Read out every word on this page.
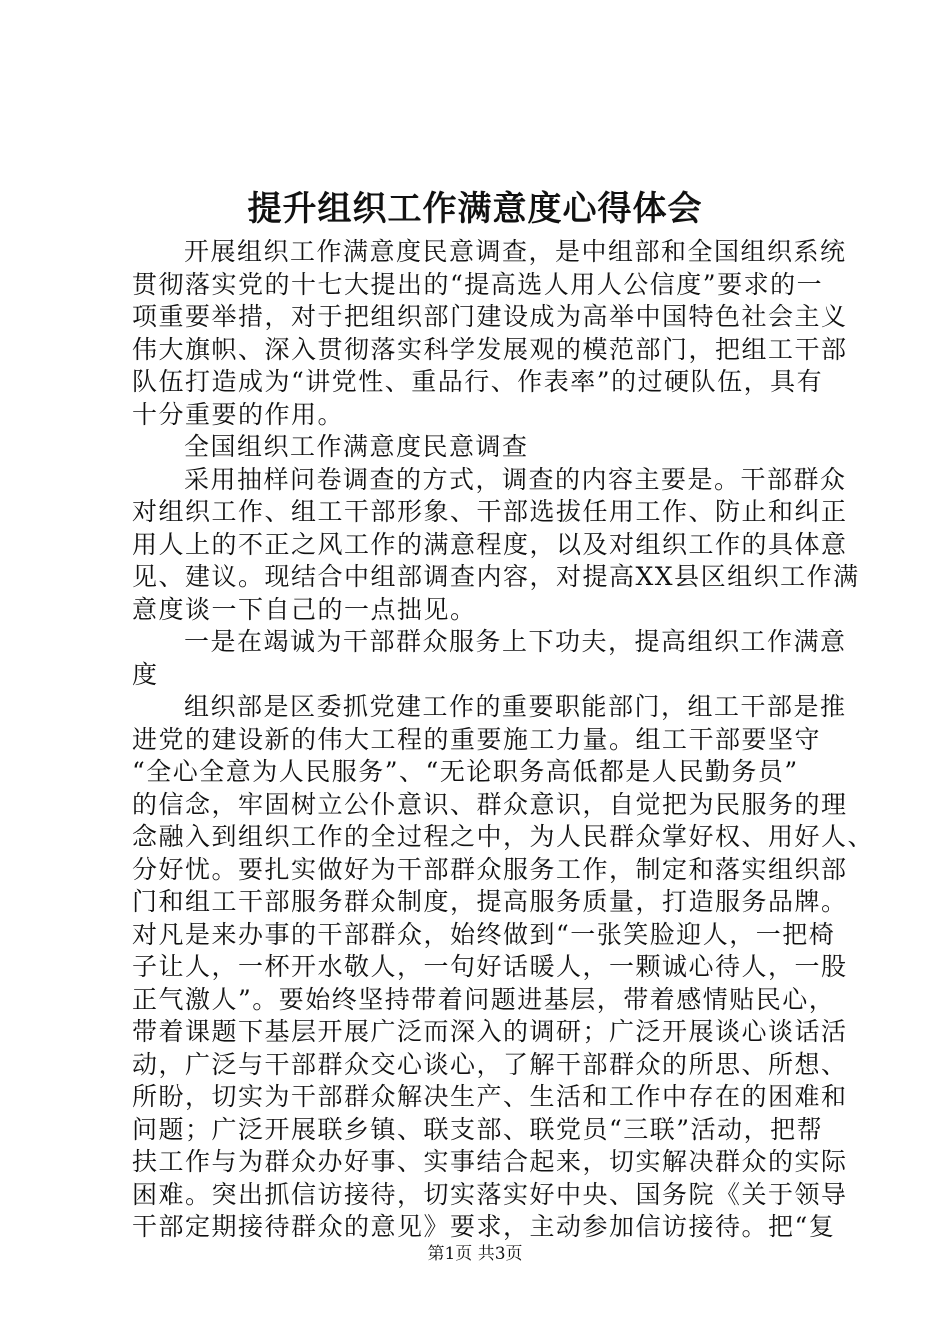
提升组织工作满意度心得体会
开展组织工作满意度民意调查，是中组部和全国组织系统
贯彻落实党的十七大提出的“提高选人用人公信度”要求的一
项重要举措，对于把组织部门建设成为高举中国特色社会主义
伟大旗帜、深入贯彻落实科学发展观的模范部门，把组工干部
队伍打造成为“讲党性、重品行、作表率”的过硬队伍，具有
十分重要的作用。
全国组织工作满意度民意调查
采用抽样问卷调查的方式，调查的内容主要是。干部群众
对组织工作、组工干部形象、干部选拔任用工作、防止和纠正
用人上的不正之风工作的满意程度，以及对组织工作的具体意
见、建议。现结合中组部调查内容，对提高XX县区组织工作满
意度谈一下自己的一点拙见。
一是在竭诚为干部群众服务上下功夫，提高组织工作满意
度
组织部是区委抓党建工作的重要职能部门，组工干部是推
进党的建设新的伟大工程的重要施工力量。组工干部要坚守
“全心全意为人民服务”、“无论职务高低都是人民勤务员”
的信念，牢固树立公仆意识、群众意识，自觉把为民服务的理
念融入到组织工作的全过程之中，为人民群众掌好权、用好人、
分好忧。要扎实做好为干部群众服务工作，制定和落实组织部
门和组工干部服务群众制度，提高服务质量，打造服务品牌。
对凡是来办事的干部群众，始终做到“一张笑脸迎人，一把椅
子让人，一杯开水敬人，一句好话暖人，一颗诚心待人，一股
正气激人”。要始终坚持带着问题进基层，带着感情贴民心，
带着课题下基层开展广泛而深入的调研；广泛开展谈心谈话活
动，广泛与干部群众交心谈心，了解干部群众的所思、所想、
所盼，切实为干部群众解决生产、生活和工作中存在的困难和
问题；广泛开展联乡镇、联支部、联党员“三联”活动，把帮
扶工作与为群众办好事、实事结合起来，切实解决群众的实际
困难。突出抓信访接待，切实落实好中央、国务院《关于领导
干部定期接待群众的意见》要求，主动参加信访接待。把“复
第1页 共3页
